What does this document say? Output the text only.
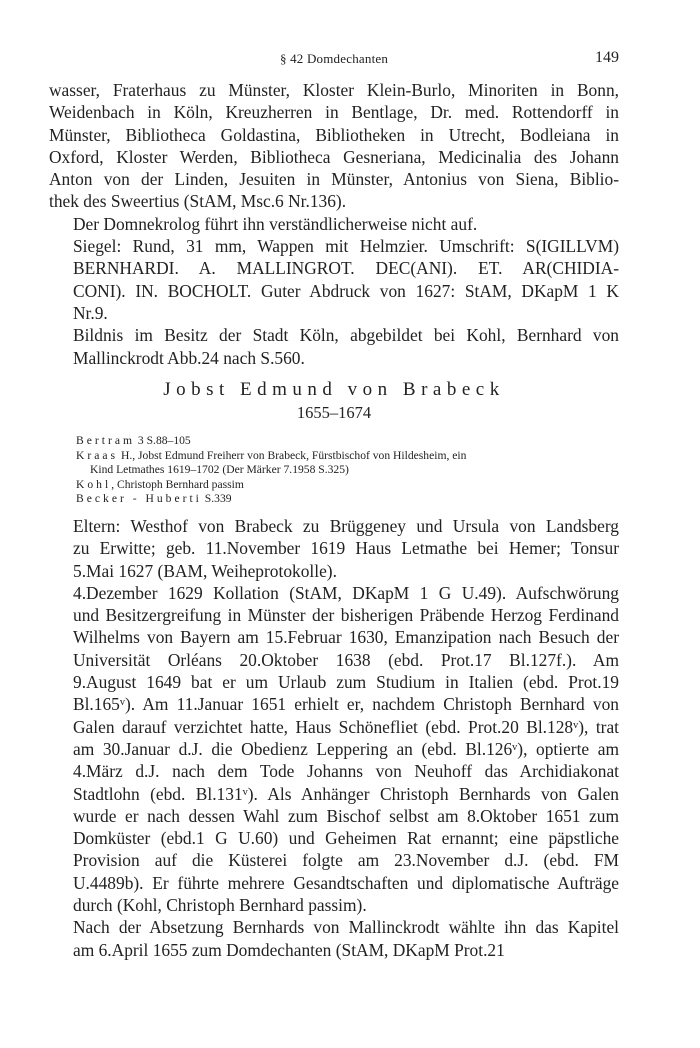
§ 42 Domdechanten	149

wasser, Fraterhaus zu Münster, Kloster Klein-Burlo, Minoriten in Bonn,
Weidenbach in Köln, Kreuzherren in Bentlage, Dr. med. Rottendorff in
Münster, Bibliotheca Goldastina, Bibliotheken in Utrecht, Bodleiana in
Oxford, Kloster Werden, Bibliotheca Gesneriana, Medicinalia des Johann
Anton von der Linden, Jesuiten in Münster, Antonius von Siena, Biblio-
thek des Sweertius (StAM, Msc.6 Nr.136).

Der Domnekrolog führt ihn verständlicherweise nicht auf.

Siegel: Rund, 31 mm, Wappen mit Helmzier. Umschrift: S(IGILLVM)
BERNHARDI. A. MALLINGROT. DEC(ANI). ET. AR(CHIDIA-
CONI). IN. BOCHOLT. Guter Abdruck von 1627: StAM, DKapM 1 K
Nr.9.

Bildnis im Besitz der Stadt Köln, abgebildet bei Kohl, Bernhard von
Mallinckrodt Abb.24 nach S.560.

Jobst Edmund von Brabeck
1655–1674
Bertram 3 S.88–105
Kraas H., Jobst Edmund Freiherr von Brabeck, Fürstbischof von Hildesheim, ein
Kind Letmathes 1619–1702 (Der Märker 7.1958 S.325)
Kohl, Christoph Bernhard passim
Becker - Huberti S.339

Eltern: Westhof von Brabeck zu Brüggeney und Ursula von Landsberg
zu Erwitte; geb. 11.November 1619 Haus Letmathe bei Hemer; Tonsur
5.Mai 1627 (BAM, Weiheprotokolle).

4.Dezember 1629 Kollation (StAM, DKapM 1 G U.49). Aufschwörung
und Besitzergreifung in Münster der bisherigen Präbende Herzog Ferdinand
Wilhelms von Bayern am 15.Februar 1630, Emanzipation nach Besuch der
Universität Orléans 20.Oktober 1638 (ebd. Prot.17 Bl.127f.). Am
9.August 1649 bat er um Urlaub zum Studium in Italien (ebd. Prot.19
Bl.165ᵛ). Am 11.Januar 1651 erhielt er, nachdem Christoph Bernhard von
Galen darauf verzichtet hatte, Haus Schönefliet (ebd. Prot.20 Bl.128ᵛ), trat
am 30.Januar d.J. die Obedienz Leppering an (ebd. Bl.126ᵛ), optierte am
4.März d.J. nach dem Tode Johanns von Neuhoff das Archidiakonat
Stadtlohn (ebd. Bl.131ᵛ). Als Anhänger Christoph Bernhards von Galen
wurde er nach dessen Wahl zum Bischof selbst am 8.Oktober 1651 zum
Domküster (ebd.1 G U.60) und Geheimen Rat ernannt; eine päpstliche
Provision auf die Küsterei folgte am 23.November d.J. (ebd. FM
U.4489b). Er führte mehrere Gesandtschaften und diplomatische Aufträge
durch (Kohl, Christoph Bernhard passim).

Nach der Absetzung Bernhards von Mallinckrodt wählte ihn das Kapitel
am 6.April 1655 zum Domdechanten (StAM, DKapM Prot.21
